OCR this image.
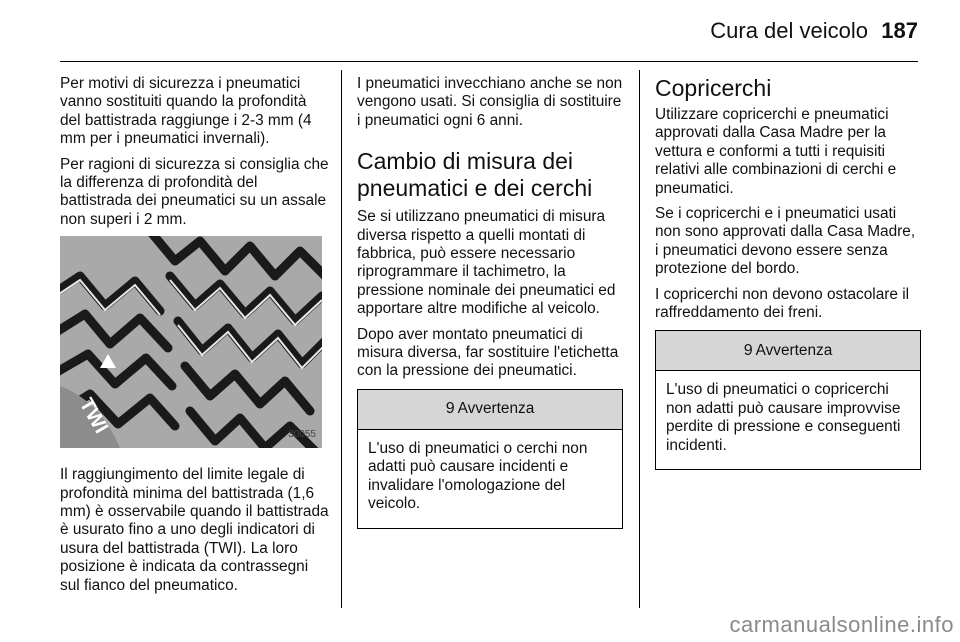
Cura del veicolo 187

Per motivi di sicurezza i pneumatici vanno sostituiti quando la profondità del battistrada raggiunge i 2-3 mm (4 mm per i pneumatici invernali).

Per ragioni di sicurezza si consiglia che la differenza di profondità del battistrada dei pneumatici su un assale non superi i 2 mm.

TWI	30055

Il raggiungimento del limite legale di profondità minima del battistrada (1,6 mm) è osservabile quando il battistrada è usurato fino a uno degli indicatori di usura del battistrada (TWI). La loro posizione è indicata da contrassegni sul fianco del pneumatico.

I pneumatici invecchiano anche se non vengono usati. Si consiglia di sostituire i pneumatici ogni 6 anni.

Cambio di misura dei pneumatici e dei cerchi

Se si utilizzano pneumatici di misura diversa rispetto a quelli montati di fabbrica, può essere necessario riprogrammare il tachimetro, la pressione nominale dei pneumatici ed apportare altre modifiche al veicolo.

Dopo aver montato pneumatici di misura diversa, far sostituire l'etichetta con la pressione dei pneumatici.

9 Avvertenza
L'uso di pneumatici o cerchi non adatti può causare incidenti e invalidare l'omologazione del veicolo.
Copricerchi

Utilizzare copricerchi e pneumatici approvati dalla Casa Madre per la vettura e conformi a tutti i requisiti relativi alle combinazioni di cerchi e pneumatici.

Se i copricerchi e i pneumatici usati non sono approvati dalla Casa Madre, i pneumatici devono essere senza protezione del bordo.

I copricerchi non devono ostacolare il raffreddamento dei freni.

9 Avvertenza
L'uso di pneumatici o copricerchi non adatti può causare improvvise perdite di pressione e conseguenti incidenti.
carmanualsonline.info
